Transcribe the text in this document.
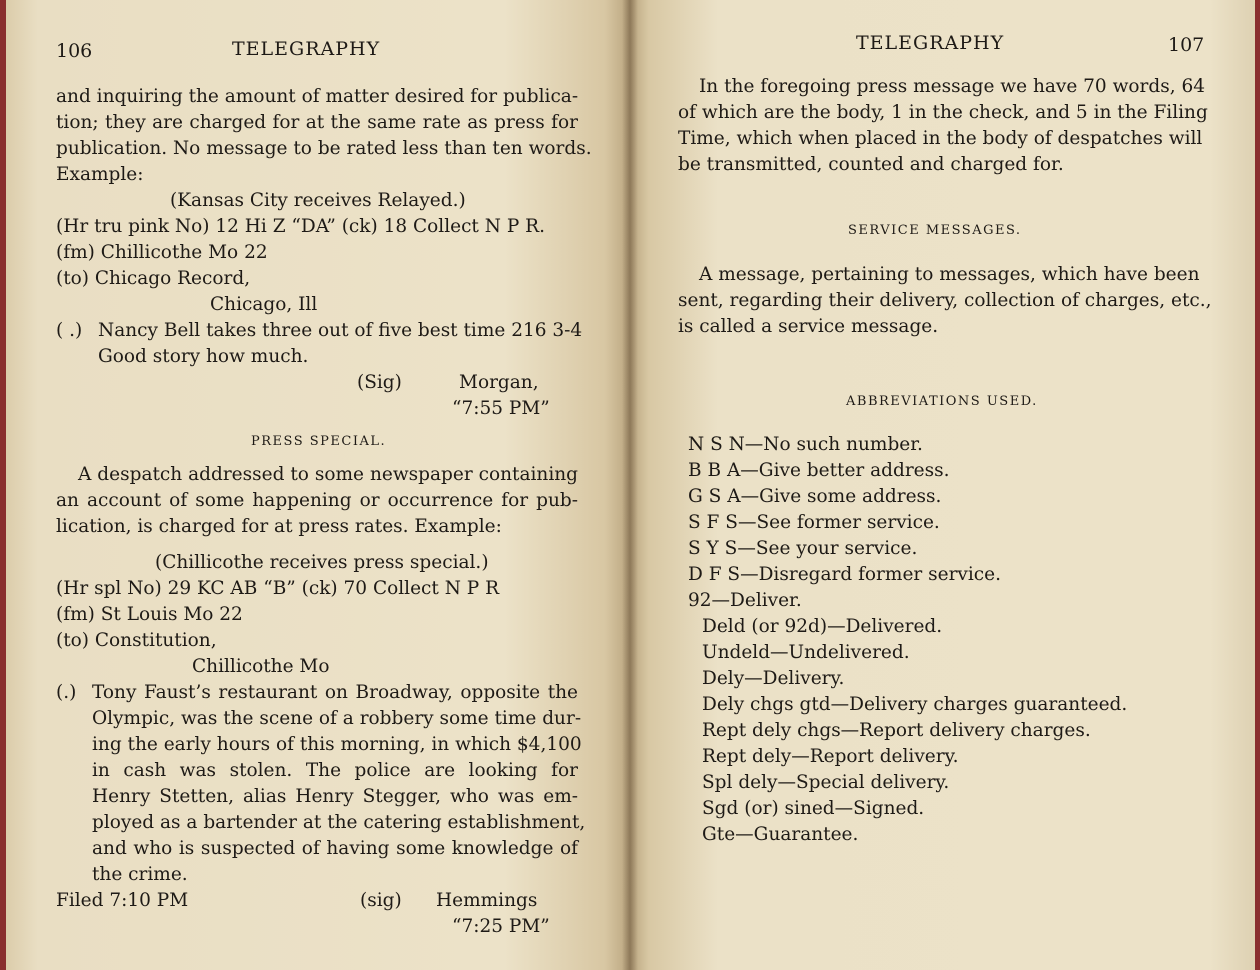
106	TELEGRAPHY
and inquiring the amount of matter desired for publica-
tion; they are charged for at the same rate as press for
publication. No message to be rated less than ten words.
Example:
(Kansas City receives Relayed.)
(Hr tru pink No) 12 Hi Z “DA” (ck) 18 Collect N P R.
(fm) Chillicothe Mo 22
(to) Chicago Record,
Chicago, Ill
( .) Nancy Bell takes three out of five best time 216 3-4
Good story how much.
(Sig)	Morgan,
“7:55 PM”
PRESS SPECIAL.
A despatch addressed to some newspaper containing
an account of some happening or occurrence for pub-
lication, is charged for at press rates. Example:
(Chillicothe receives press special.)
(Hr spl No) 29 KC AB “B” (ck) 70 Collect N P R
(fm) St Louis Mo 22
(to) Constitution,
Chillicothe Mo
(.) Tony Faust’s restaurant on Broadway, opposite the
Olympic, was the scene of a robbery some time dur-
ing the early hours of this morning, in which $4,100
in cash was stolen. The police are looking for
Henry Stetten, alias Henry Stegger, who was em-
ployed as a bartender at the catering establishment,
and who is suspected of having some knowledge of
the crime.
Filed 7:10 PM	(sig) Hemmings
“7:25 PM”
TELEGRAPHY	107
In the foregoing press message we have 70 words, 64
of which are the body, 1 in the check, and 5 in the Filing
Time, which when placed in the body of despatches will
be transmitted, counted and charged for.
SERVICE MESSAGES.
A message, pertaining to messages, which have been
sent, regarding their delivery, collection of charges, etc.,
is called a service message.
ABBREVIATIONS USED.
N S N—No such number.
B B A—Give better address.
G S A—Give some address.
S F S—See former service.
S Y S—See your service.
D F S—Disregard former service.
92—Deliver.
Deld (or 92d)—Delivered.
Undeld—Undelivered.
Dely—Delivery.
Dely chgs gtd—Delivery charges guaranteed.
Rept dely chgs—Report delivery charges.
Rept dely—Report delivery.
Spl dely—Special delivery.
Sgd (or) sined—Signed.
Gte—Guarantee.
